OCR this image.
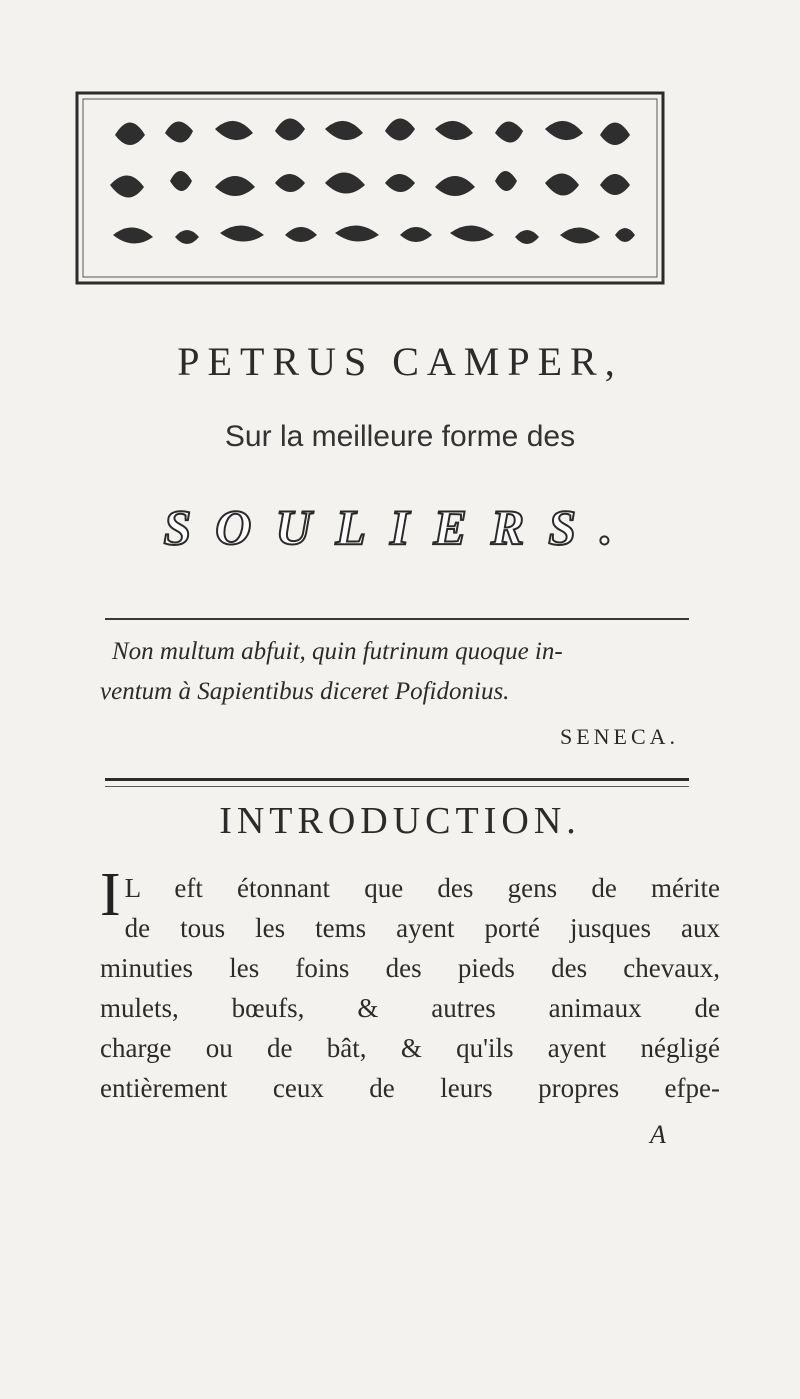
PETRUS CAMPER,
Sur la meilleure forme des
SOULIERS.
Non multum abfuit, quin futrinum quoque in-
ventum à Sapientibus diceret Pofidonius.
SENECA.
INTRODUCTION.
I L eft étonnant que des gens de mérite
de tous les tems ayent porté jusques aux
minuties les foins des pieds des chevaux,
mulets, bœufs, & autres animaux de
charge ou de bât, & qu'ils ayent négligé
entièrement ceux de leurs propres efpe-
A
